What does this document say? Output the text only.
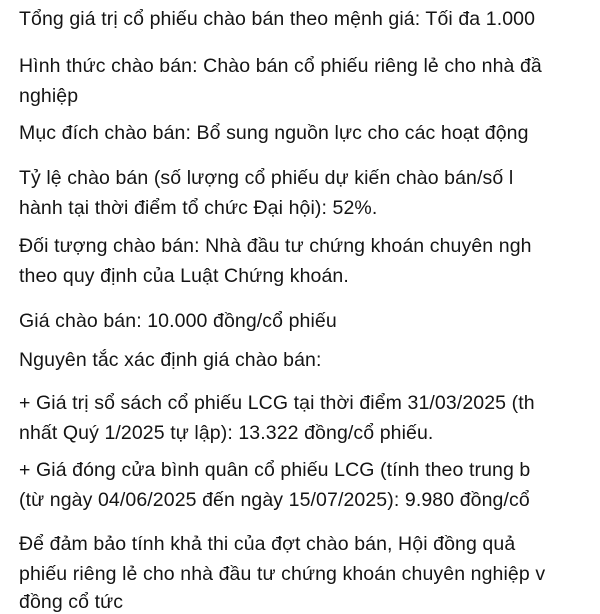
Tổng giá trị cổ phiếu chào bán theo mệnh giá: Tối đa 1.000
Hình thức chào bán: Chào bán cổ phiếu riêng lẻ cho nhà đầ
nghiệp
Mục đích chào bán: Bổ sung nguồn lực cho các hoạt động
Tỷ lệ chào bán (số lượng cổ phiếu dự kiến chào bán/số l
hành tại thời điểm tổ chức Đại hội): 52%.
Đối tượng chào bán: Nhà đầu tư chứng khoán chuyên ngh
theo quy định của Luật Chứng khoán.
Giá chào bán: 10.000 đồng/cổ phiếu
Nguyên tắc xác định giá chào bán:
+ Giá trị sổ sách cổ phiếu LCG tại thời điểm 31/03/2025 (th
nhất Quý 1/2025 tự lập): 13.322 đồng/cổ phiếu.
+ Giá đóng cửa bình quân cổ phiếu LCG (tính theo trung b
(từ ngày 04/06/2025 đến ngày 15/07/2025): 9.980 đồng/cổ
Để đảm bảo tính khả thi của đợt chào bán, Hội đồng quả
phiếu riêng lẻ cho nhà đầu tư chứng khoán chuyên nghiệp v
đồng cổ tức
